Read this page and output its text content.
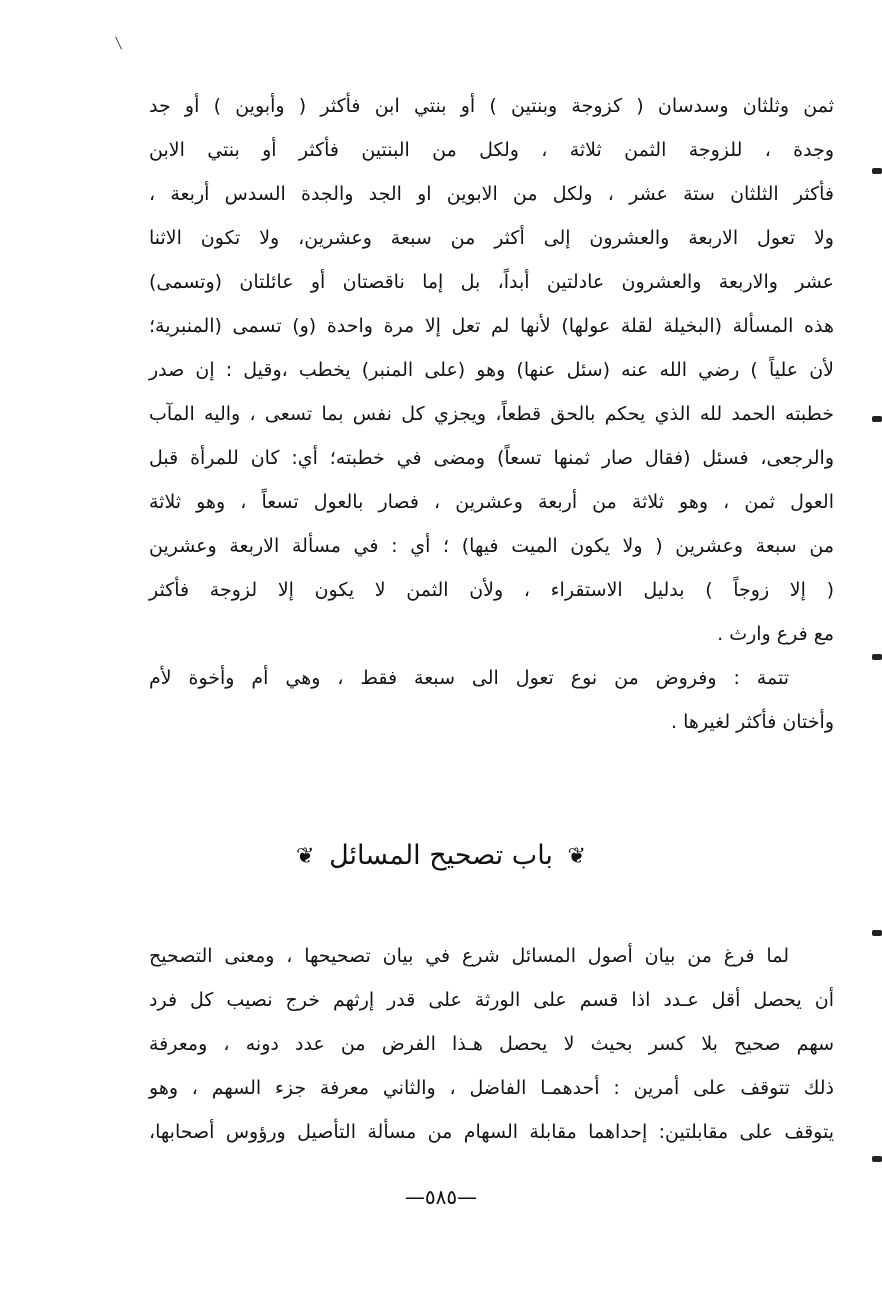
ثمن وثلثان وسدسان ( كزوجة وبنتين ) أو بنتي ابن فأكثر ( وأبوين ) أو جد
وجدة ، للزوجة الثمن ثلاثة ، ولكل من البنتين فأكثر أو بنتي الابن
فأكثر الثلثان ستة عشر ، ولكل من الابوين او الجد والجدة السدس أربعة ،
ولا تعول الاربعة والعشرون إلى أكثر من سبعة وعشرين، ولا تكون الاثنا
عشر والاربعة والعشرون عادلتين أبداً، بل إما ناقصتان أو عائلتان (وتسمى)
هذه المسألة (البخيلة لقلة عولها) لأنها لم تعل إلا مرة واحدة (و) تسمى (المنبرية؛
لأن علياً ) رضي الله عنه (سئل عنها) وهو (على المنبر) يخطب ،وقيل : إن صدر
خطبته الحمد لله الذي يحكم بالحق قطعاً، ويجزي كل نفس بما تسعى ، واليه المآب
والرجعى، فسئل (فقال صار ثمنها تسعاً) ومضى في خطبته؛ أي: كان للمرأة قبل
العول ثمن ، وهو ثلاثة من أربعة وعشرين ، فصار بالعول تسعاً ، وهو ثلاثة
من سبعة وعشرين ( ولا يكون الميت فيها) ؛ أي : في مسألة الاربعة وعشرين
( إلا زوجاً ) بدليل الاستقراء ، ولأن الثمن لا يكون إلا لزوجة فأكثر
مع فرع وارث .
تتمة : وفروض من نوع تعول الى سبعة فقط ، وهي أم وأخوة لأم
وأختان فأكثر لغيرها .
❦ باب تصحيح المسائل ❦
لما فرغ من بيان أصول المسائل شرع في بيان تصحيحها ، ومعنى التصحيح
أن يحصل أقل عـدد اذا قسم على الورثة على قدر إرثهم خرج نصيب كل فرد
سهم صحيح بلا كسر بحيث لا يحصل هـذا الفرض من عدد دونه ، ومعرفة
ذلك تتوقف على أمرين : أحدهمـا الفاضل ، والثاني معرفة جزء السهم ، وهو
يتوقف على مقابلتين: إحداهما مقابلة السهام من مسألة التأصيل ورؤوس أصحابها،
—٥٨٥—
